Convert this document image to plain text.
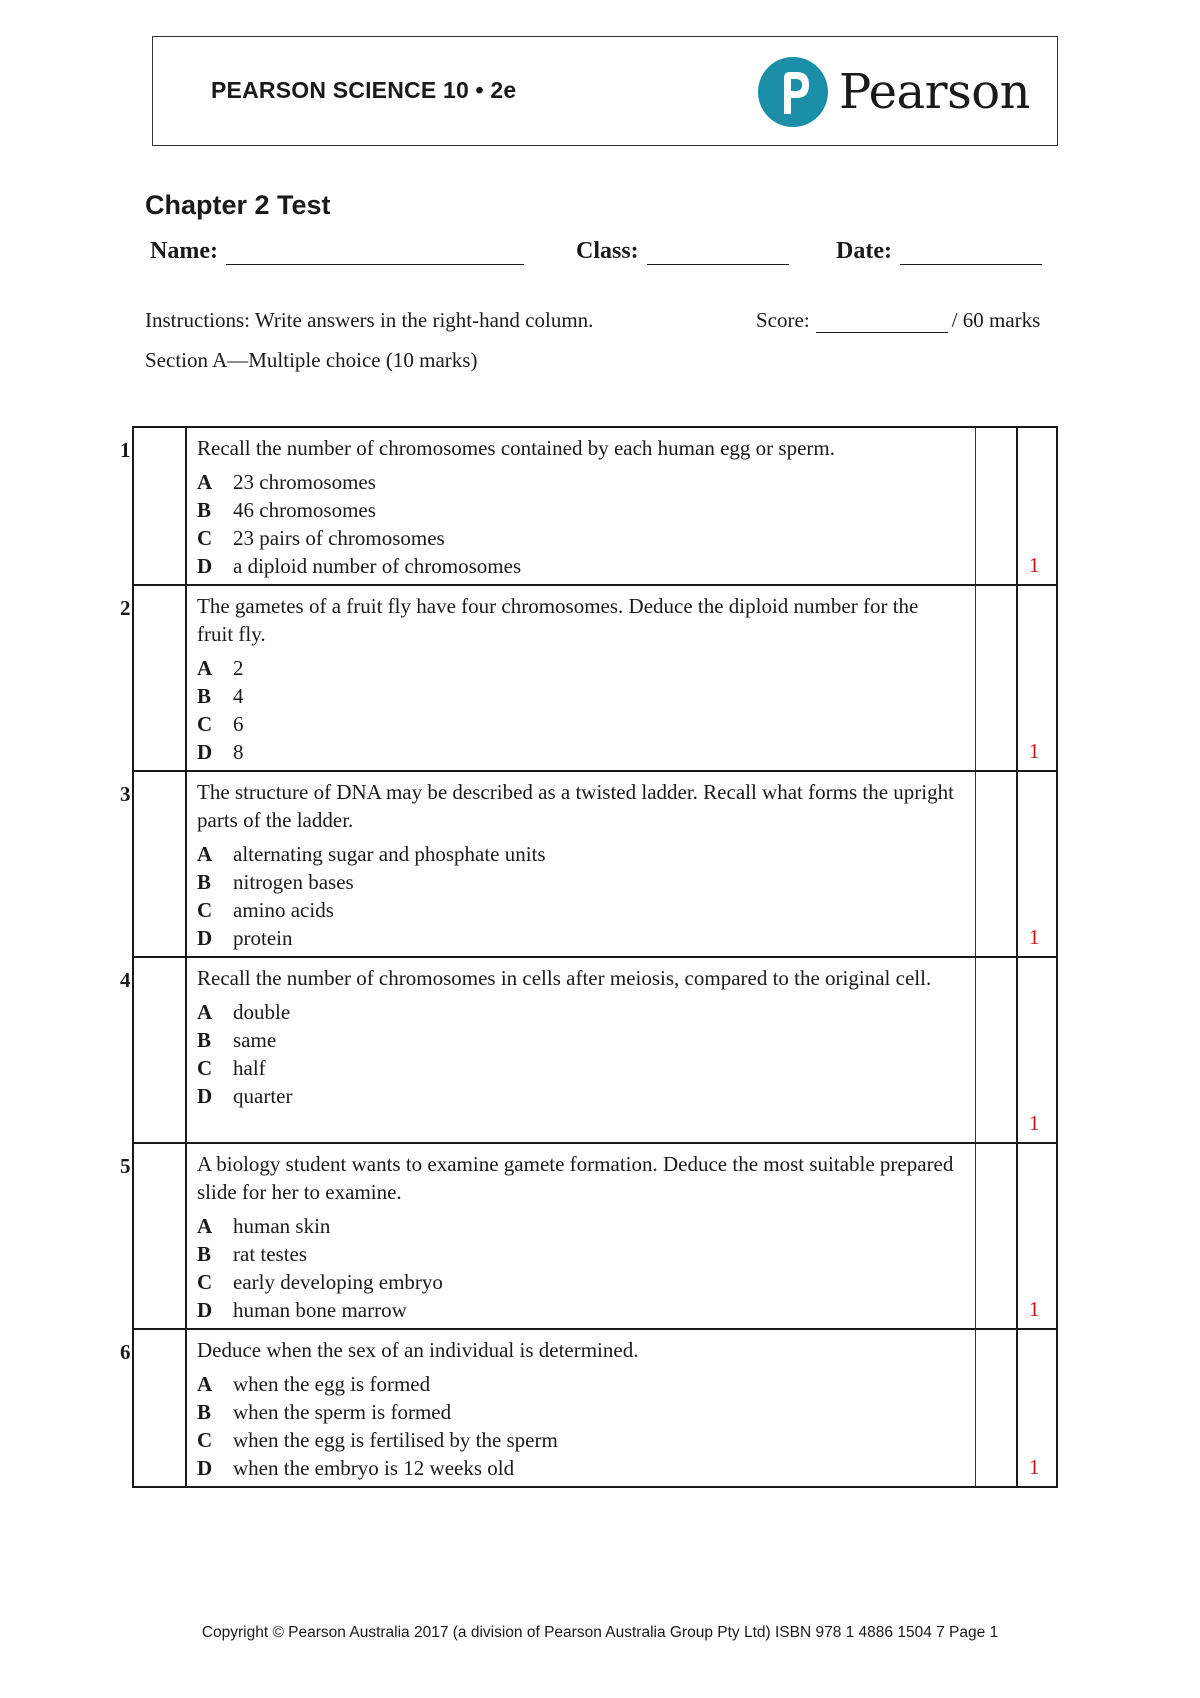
PEARSON SCIENCE 10 • 2e	Pearson
Chapter 2 Test
Name:	Class:	Date:
Instructions: Write answers in the right-hand column.	Score:	/ 60 marks
Section A—Multiple choice (10 marks)
1	Recall the number of chromosomes contained by each human egg or sperm.

A 23 chromosomes
B	46 chromosomes
C 23 pairs of chromosomes
D a diploid number of chromosomes	1
2	The gametes of a fruit fly have four chromosomes. Deduce the diploid number for the fruit fly.

A 2
B	4
C 6
D 8	1
3	The structure of DNA may be described as a twisted ladder. Recall what forms the upright parts of the ladder.

A alternating sugar and phosphate units
B	nitrogen bases
C amino acids
D protein	1
4	Recall the number of chromosomes in cells after meiosis, compared to the original cell.

A double
B	same
C half
D quarter
1
5	A biology student wants to examine gamete formation. Deduce the most suitable prepared slide for her to examine.

A human skin
B	rat testes
C early developing embryo
D human bone marrow	1
6	Deduce when the sex of an individual is determined.

A when the egg is formed
B	when the sperm is formed
C when the egg is fertilised by the sperm
D when the embryo is 12 weeks old	1
Copyright © Pearson Australia 2017 (a division of Pearson Australia Group Pty Ltd) ISBN 978 1 4886 1504 7 Page 1
